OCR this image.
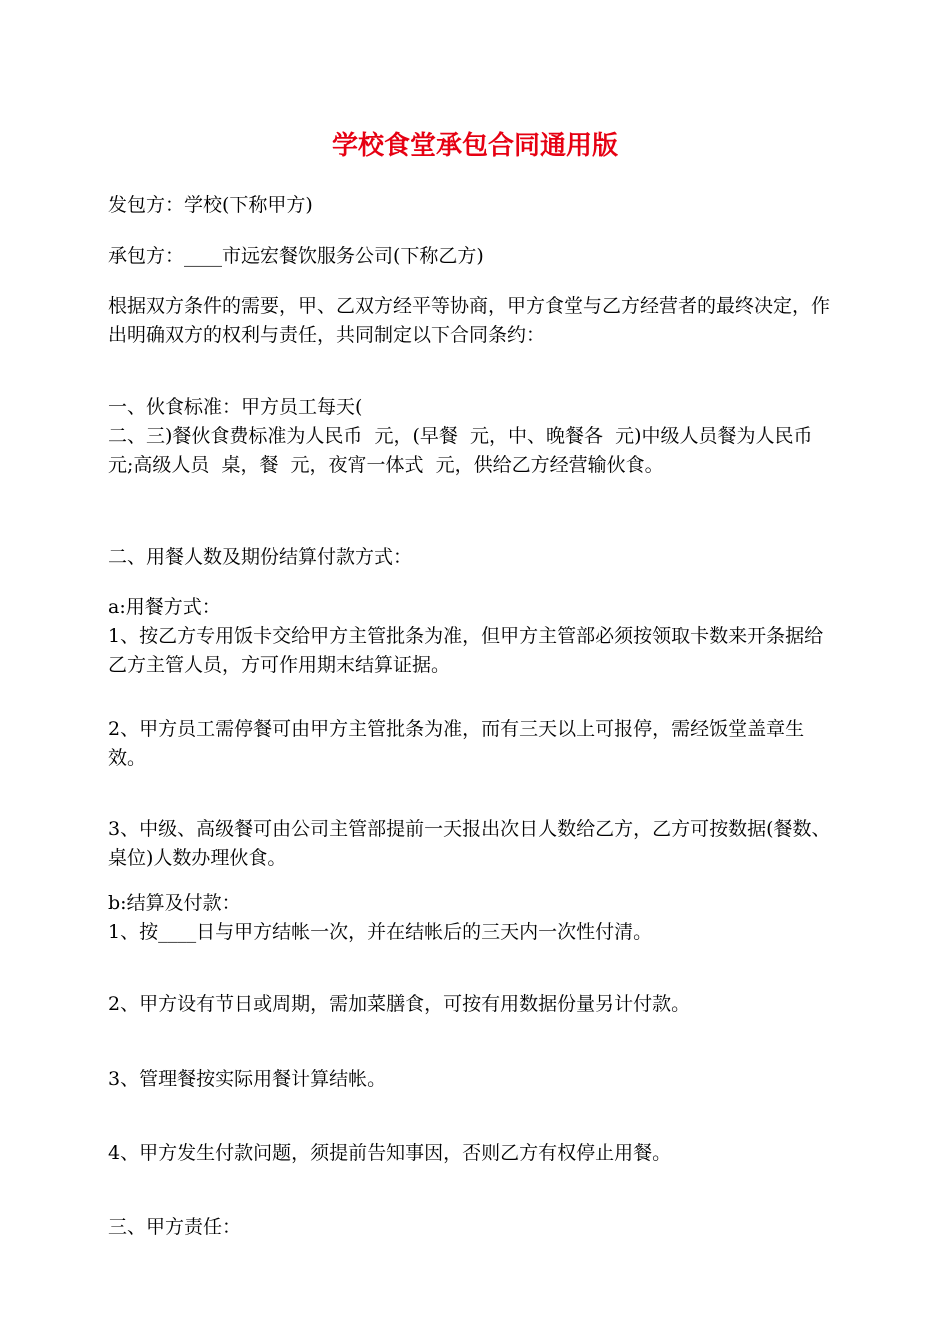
学校食堂承包合同通用版

发包方：学校(下称甲方)

承包方：____市远宏餐饮服务公司(下称乙方)

根据双方条件的需要，甲、乙双方经平等协商，甲方食堂与乙方经营者的最终决定，作出明确双方的权利与责任，共同制定以下合同条约：

一、伙食标准：甲方员工每天(
二、三)餐伙食费标准为人民币  元，(早餐  元，中、晚餐各  元)中级人员餐为人民币  元;高级人员  桌，餐  元，夜宵一体式  元，供给乙方经营输伙食。

二、用餐人数及期份结算付款方式：

a:用餐方式：
1、按乙方专用饭卡交给甲方主管批条为准，但甲方主管部必须按领取卡数来开条据给乙方主管人员，方可作用期末结算证据。

2、甲方员工需停餐可由甲方主管批条为准，而有三天以上可报停，需经饭堂盖章生效。

3、中级、高级餐可由公司主管部提前一天报出次日人数给乙方，乙方可按数据(餐数、桌位)人数办理伙食。

b:结算及付款：
1、按____日与甲方结帐一次，并在结帐后的三天内一次性付清。

2、甲方设有节日或周期，需加菜膳食，可按有用数据份量另计付款。

3、管理餐按实际用餐计算结帐。

4、甲方发生付款问题，须提前告知事因，否则乙方有权停止用餐。

三、甲方责任：
